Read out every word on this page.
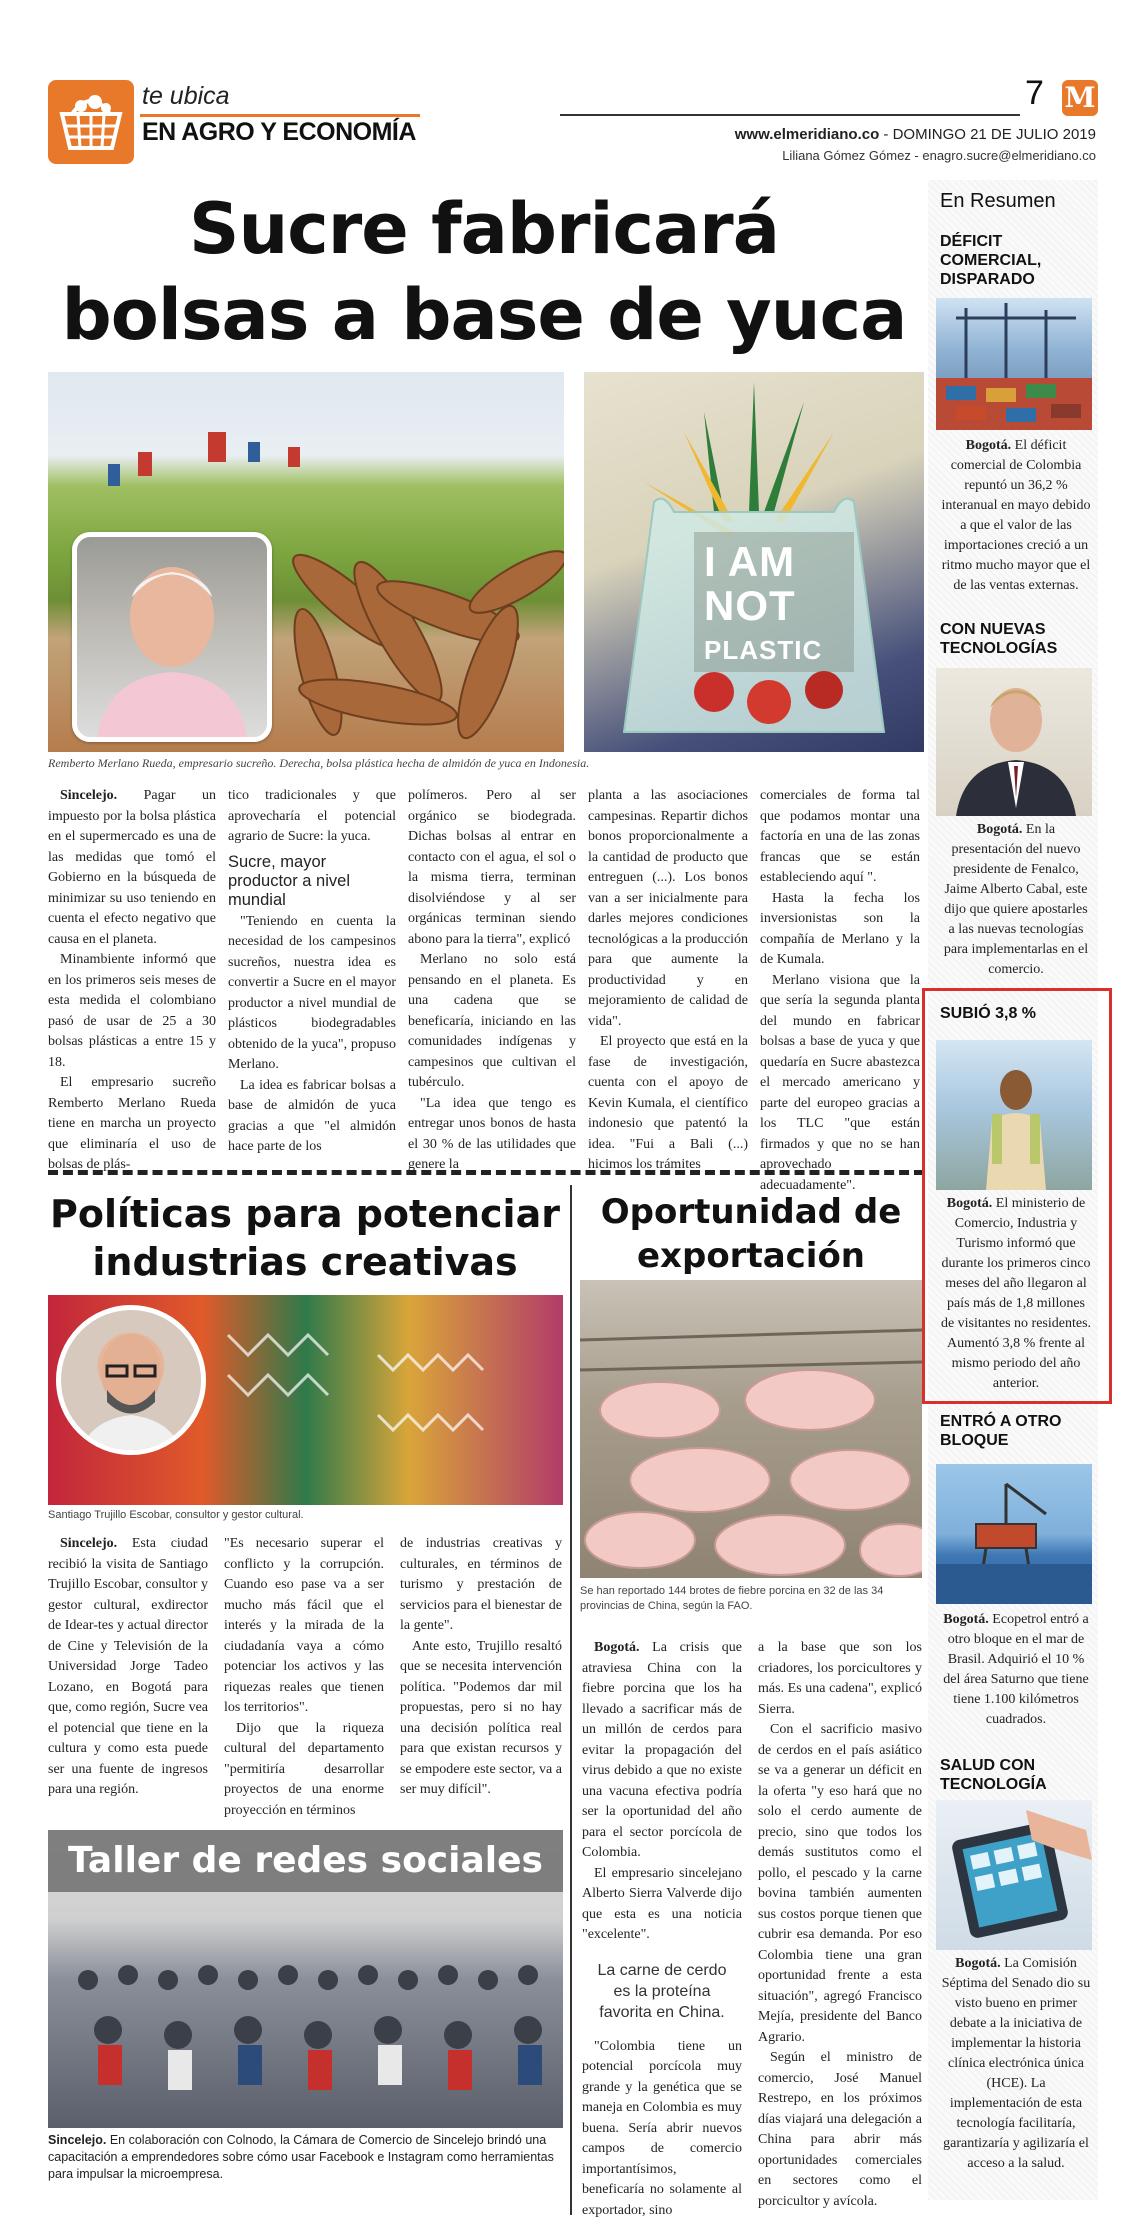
te ubica
EN AGRO Y ECONOMÍA
7 M
www.elmeridiano.co - DOMINGO 21 DE JULIO 2019
Liliana Gómez Gómez - enagro.sucre@elmeridiano.co
Sucre fabricará
bolsas a base de yuca
I AM
NOT
PLASTIC
Remberto Merlano Rueda, empresario sucreño. Derecha, bolsa plástica hecha de almidón de yuca en Indonesia.

Sincelejo. Pagar un impuesto por la bolsa plástica en el supermercado es una de las medidas que tomó el Gobierno en la búsqueda de minimizar su uso teniendo en cuenta el efecto negativo que causa en el planeta.

Minambiente informó que en los primeros seis meses de esta medida el colombiano pasó de usar de 25 a 30 bolsas plásticas a entre 15 y 18.

El empresario sucreño Remberto Merlano Rueda tiene en marcha un proyecto que eliminaría el uso de bolsas de plás-

tico tradicionales y que aprovecharía el potencial agrario de Sucre: la yuca.

Sucre, mayor productor a nivel mundial

"Teniendo en cuenta la necesidad de los campesinos sucreños, nuestra idea es convertir a Sucre en el mayor productor a nivel mundial de plásticos biodegradables obtenido de la yuca", propuso Merlano.

La idea es fabricar bolsas a base de almidón de yuca gracias a que "el almidón hace parte de los

polímeros. Pero al ser orgánico se biodegrada. Dichas bolsas al entrar en contacto con el agua, el sol o la misma tierra, terminan disolviéndose y al ser orgánicas terminan siendo abono para la tierra", explicó

Merlano no solo está pensando en el planeta. Es una cadena que se beneficaría, iniciando en las comunidades indígenas y campesinos que cultivan el tubérculo.

"La idea que tengo es entregar unos bonos de hasta el 30 % de las utilidades que genere la

planta a las asociaciones campesinas. Repartir dichos bonos proporcionalmente a la cantidad de producto que entreguen (...). Los bonos van a ser inicialmente para darles mejores condiciones tecnológicas a la producción para que aumente la productividad y en mejoramiento de calidad de vida".

El proyecto que está en la fase de investigación, cuenta con el apoyo de Kevin Kumala, el científico indonesio que patentó la idea. "Fui a Bali (...) hicimos los trámites

comerciales de forma tal que podamos montar una factoría en una de las zonas francas que se están estableciendo aquí ".

Hasta la fecha los inversionistas son la compañía de Merlano y la de Kumala.

Merlano visiona que la que sería la segunda planta del mundo en fabricar bolsas a base de yuca y que quedaría en Sucre abastezca el mercado americano y parte del europeo gracias a los TLC "que están firmados y que no se han aprovechado adecuadamente".

Políticas para potenciar
industrias creativas
Santiago Trujillo Escobar, consultor y gestor cultural.

Sincelejo. Esta ciudad recibió la visita de Santiago Trujillo Escobar, consultor y gestor cultural, exdirector de Idear-tes y actual director de Cine y Televisión de la Universidad Jorge Tadeo Lozano, en Bogotá para que, como región, Sucre vea el potencial que tiene en la cultura y como esta puede ser una fuente de ingresos para una región.

"Es necesario superar el conflicto y la corrupción. Cuando eso pase va a ser mucho más fácil que el interés y la mirada de la ciudadanía vaya a cómo potenciar los activos y las riquezas reales que tienen los territorios".

Dijo que la riqueza cultural del departamento "permitiría desarrollar proyectos de una enorme proyección en términos

de industrias creativas y culturales, en términos de turismo y prestación de servicios para el bienestar de la gente".

Ante esto, Trujillo resaltó que se necesita intervención política. "Podemos dar mil propuestas, pero si no hay una decisión política real para que existan recursos y se empodere este sector, va a ser muy difícil".

Taller de redes sociales
Sincelejo. En colaboración con Colnodo, la Cámara de Comercio de Sincelejo brindó una capacitación a emprendedores sobre cómo usar Facebook e Instagram como herramientas para impulsar la microempresa.
Oportunidad de
exportación
Se han reportado 144 brotes de fiebre porcina en 32 de las 34 provincias de China, según la FAO.

Bogotá. La crisis que atraviesa China con la fiebre porcina que los ha llevado a sacrificar más de un millón de cerdos para evitar la propagación del virus debido a que no existe una vacuna efectiva podría ser la oportunidad del año para el sector porcícola de Colombia.

El empresario sincelejano Alberto Sierra Valverde dijo que esta es una noticia "excelente".

La carne de cerdo es la proteína favorita en China.

"Colombia tiene un potencial porcícola muy grande y la genética que se maneja en Colombia es muy buena. Sería abrir nuevos campos de comercio importantísimos, beneficaría no solamente al exportador, sino

a la base que son los criadores, los porcicultores y más. Es una cadena", explicó Sierra.

Con el sacrificio masivo de cerdos en el país asiático se va a generar un déficit en la oferta "y eso hará que no solo el cerdo aumente de precio, sino que todos los demás sustitutos como el pollo, el pescado y la carne bovina también aumenten sus costos porque tienen que cubrir esa demanda. Por eso Colombia tiene una gran oportunidad frente a esta situación", agregó Francisco Mejía, presidente del Banco Agrario.

Según el ministro de comercio, José Manuel Restrepo, en los próximos días viajará una delegación a China para abrir más oportunidades comerciales en sectores como el porcicultor y avícola.

En Resumen
DÉFICIT COMERCIAL, DISPARADO
Bogotá. El déficit comercial de Colombia repuntó un 36,2 % interanual en mayo debido a que el valor de las importaciones creció a un ritmo mucho mayor que el de las ventas externas.
CON NUEVAS TECNOLOGÍAS
Bogotá. En la presentación del nuevo presidente de Fenalco, Jaime Alberto Cabal, este dijo que quiere apostarles a las nuevas tecnologías para implementarlas en el comercio.
SUBIÓ 3,8 %
Bogotá. El ministerio de Comercio, Industria y Turismo informó que durante los primeros cinco meses del año llegaron al país más de 1,8 millones de visitantes no residentes. Aumentó 3,8 % frente al mismo periodo del año anterior.
ENTRÓ A OTRO BLOQUE
Bogotá. Ecopetrol entró a otro bloque en el mar de Brasil. Adquirió el 10 % del área Saturno que tiene tiene 1.100 kilómetros cuadrados.
SALUD CON TECNOLOGÍA
Bogotá. La Comisión Séptima del Senado dio su visto bueno en primer debate a la iniciativa de implementar la historia clínica electrónica única (HCE). La implementación de esta tecnología facilitaría, garantizaría y agilizaría el acceso a la salud.
